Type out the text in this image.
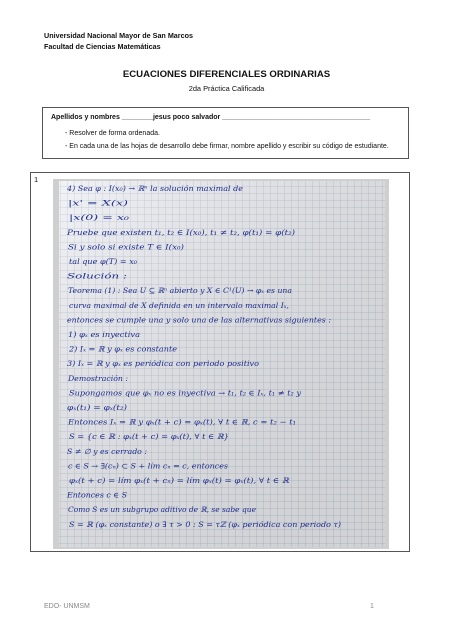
Universidad Nacional Mayor de San Marcos
Facultad de Ciencias Matemáticas
ECUACIONES DIFERENCIALES ORDINARIAS
2da Práctica Calificada
Apellidos y nombres ________jesus poco salvador ______________________________________
- Resolver de forma ordenada.
- En cada una de las hojas de desarrollo debe firmar, nombre apellido y escribir su código de estudiante.
1
4) Sea φ : I(x₀) → ℝⁿ la solución maximal de
|x' = X(x)
|x(0) = x₀
Pruebe que existen t₁, t₂ ∈ I(x₀), t₁ ≠ t₂, φ(t₁) = φ(t₂)
Si y solo si existe T ∈ I(x₀)
tal que φ(T) = x₀
Solución :
Teorema (1) : Sea U ⊆ ℝⁿ abierto y X ∈ C¹(U) → φₓ es una
curva maximal de X definida en un intervalo maximal Iₓ,
entonces se cumple una y solo una de las alternativas siguientes :
1) φₓ es inyectiva
2) Iₓ = ℝ y φₓ es constante
3) Iₓ = ℝ y φₓ es periódica con periodo positivo
Demostración :
Supongamos que φₓ no es inyectiva → t₁, t₂ ∈ Iₓ, t₁ ≠ t₂ y
φₓ(t₁) = φₓ(t₂)
Entonces Iₓ = ℝ y φₓ(t + c) = φₓ(t), ∀ t ∈ ℝ, c = t₂ − t₁
S = {c ∈ ℝ : φₓ(t + c) = φₓ(t), ∀ t ∈ ℝ}
S ≠ ∅ y es cerrado :
c ∈ S → ∃(cₙ) ⊂ S + lím cₙ = c, entonces
φₓ(t + c) = lím φₓ(t + cₙ) = lím φₓ(t) = φₓ(t), ∀ t ∈ ℝ
Entonces c ∈ S
Como S es un subgrupo aditivo de ℝ, se sabe que
S = ℝ (φₓ constante) o ∃ τ > 0 : S = τℤ (φₓ periódica con periodo τ)
EDO- UNMSM	1
